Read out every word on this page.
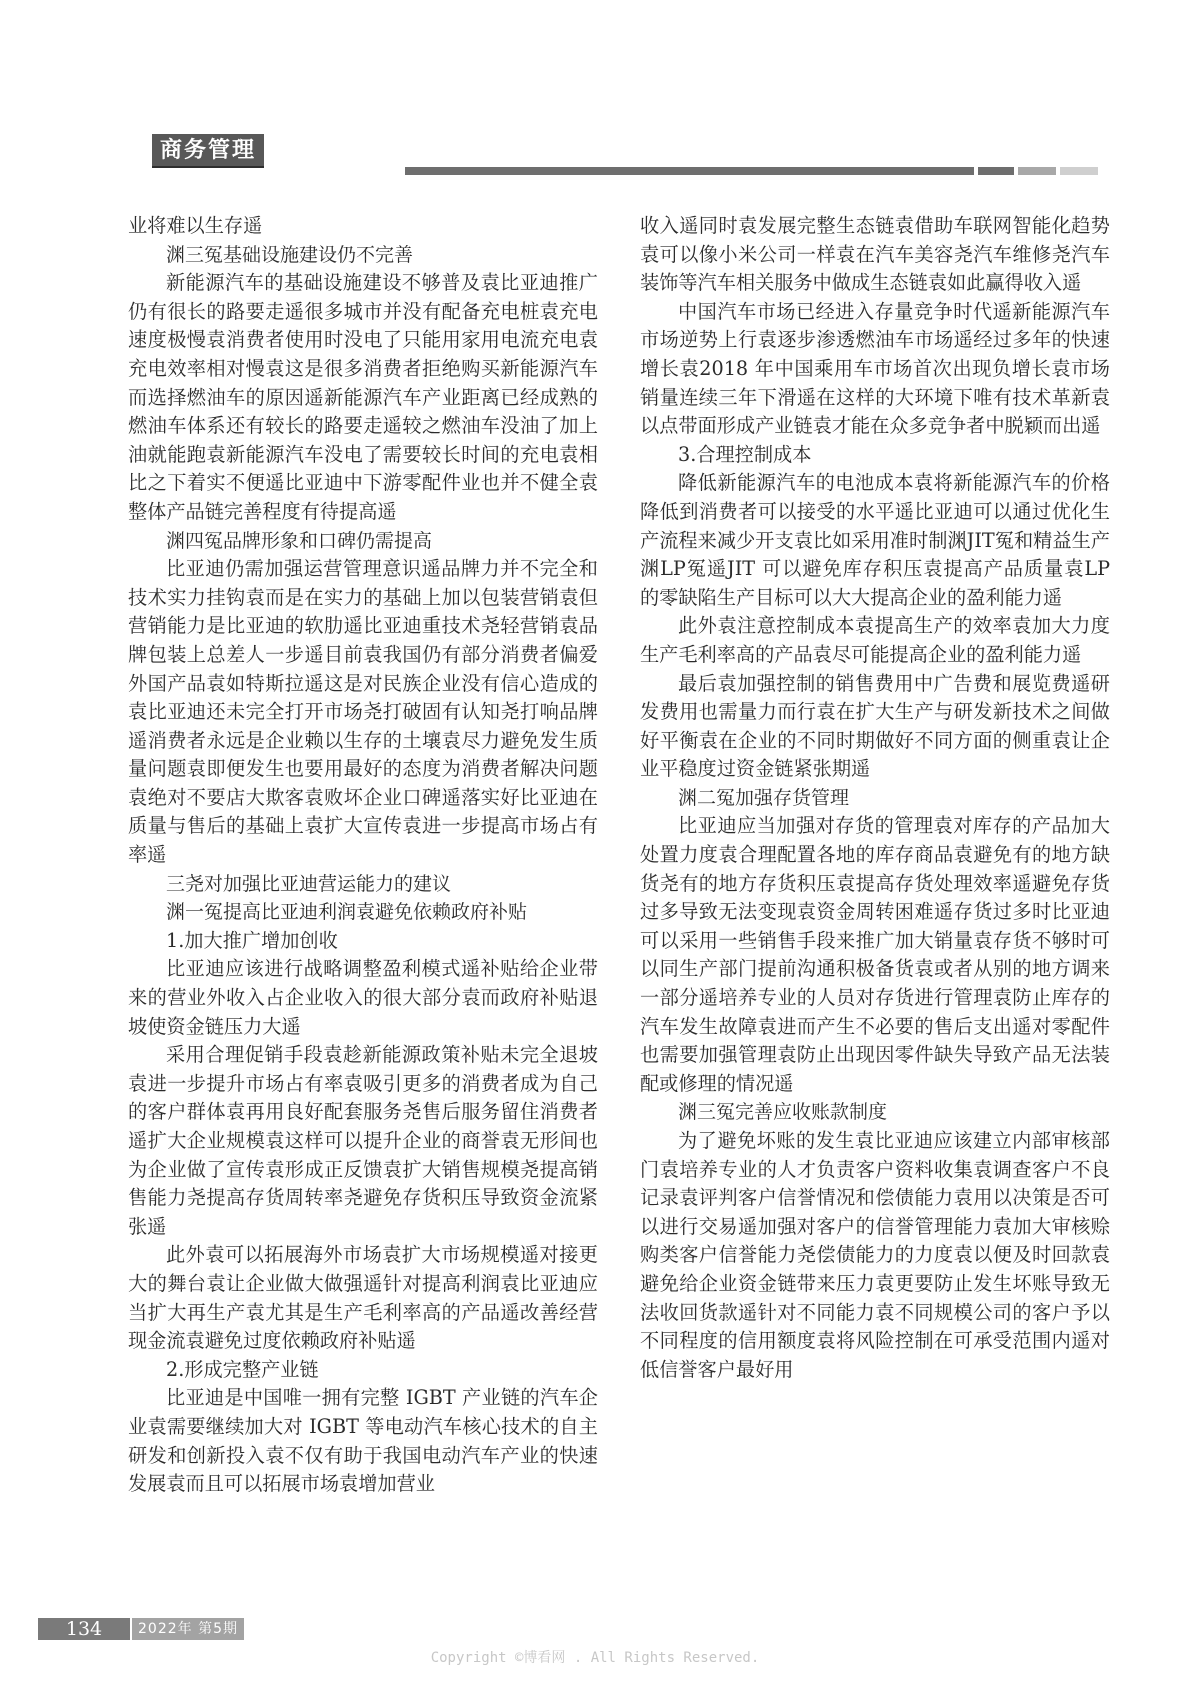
商务管理

业将难以生存遥

渊三冤基础设施建设仍不完善

新能源汽车的基础设施建设不够普及袁比亚迪推广仍有很长的路要走遥很多城市并没有配备充电桩袁充电速度极慢袁消费者使用时没电了只能用家用电流充电袁充电效率相对慢袁这是很多消费者拒绝购买新能源汽车而选择燃油车的原因遥新能源汽车产业距离已经成熟的燃油车体系还有较长的路要走遥较之燃油车没油了加上油就能跑袁新能源汽车没电了需要较长时间的充电袁相比之下着实不便遥比亚迪中下游零配件业也并不健全袁整体产品链完善程度有待提高遥

渊四冤品牌形象和口碑仍需提高

比亚迪仍需加强运营管理意识遥品牌力并不完全和技术实力挂钩袁而是在实力的基础上加以包装营销袁但营销能力是比亚迪的软肋遥比亚迪重技术尧轻营销袁品牌包装上总差人一步遥目前袁我国仍有部分消费者偏爱外国产品袁如特斯拉遥这是对民族企业没有信心造成的袁比亚迪还未完全打开市场尧打破固有认知尧打响品牌遥消费者永远是企业赖以生存的土壤袁尽力避免发生质量问题袁即便发生也要用最好的态度为消费者解决问题袁绝对不要店大欺客袁败坏企业口碑遥落实好比亚迪在质量与售后的基础上袁扩大宣传袁进一步提高市场占有率遥

三尧对加强比亚迪营运能力的建议
渊一冤提高比亚迪利润袁避免依赖政府补贴

1.加大推广增加创收

比亚迪应该进行战略调整盈利模式遥补贴给企业带来的营业外收入占企业收入的很大部分袁而政府补贴退坡使资金链压力大遥

采用合理促销手段袁趁新能源政策补贴未完全退坡袁进一步提升市场占有率袁吸引更多的消费者成为自己的客户群体袁再用良好配套服务尧售后服务留住消费者遥扩大企业规模袁这样可以提升企业的商誉袁无形间也为企业做了宣传袁形成正反馈袁扩大销售规模尧提高销售能力尧提高存货周转率尧避免存货积压导致资金流紧张遥

此外袁可以拓展海外市场袁扩大市场规模遥对接更大的舞台袁让企业做大做强遥针对提高利润袁比亚迪应当扩大再生产袁尤其是生产毛利率高的产品遥改善经营现金流袁避免过度依赖政府补贴遥

2.形成完整产业链

比亚迪是中国唯一拥有完整 IGBT 产业链的汽车企业袁需要继续加大对 IGBT 等电动汽车核心技术的自主研发和创新投入袁不仅有助于我国电动汽车产业的快速发展袁而且可以拓展市场袁增加营业

收入遥同时袁发展完整生态链袁借助车联网智能化趋势袁可以像小米公司一样袁在汽车美容尧汽车维修尧汽车装饰等汽车相关服务中做成生态链袁如此赢得收入遥

中国汽车市场已经进入存量竞争时代遥新能源汽车市场逆势上行袁逐步渗透燃油车市场遥经过多年的快速增长袁2018 年中国乘用车市场首次出现负增长袁市场销量连续三年下滑遥在这样的大环境下唯有技术革新袁以点带面形成产业链袁才能在众多竞争者中脱颖而出遥

3.合理控制成本

降低新能源汽车的电池成本袁将新能源汽车的价格降低到消费者可以接受的水平遥比亚迪可以通过优化生产流程来减少开支袁比如采用准时制渊JIT冤和精益生产渊LP冤遥JIT 可以避免库存积压袁提高产品质量袁LP 的零缺陷生产目标可以大大提高企业的盈利能力遥

此外袁注意控制成本袁提高生产的效率袁加大力度生产毛利率高的产品袁尽可能提高企业的盈利能力遥

最后袁加强控制的销售费用中广告费和展览费遥研发费用也需量力而行袁在扩大生产与研发新技术之间做好平衡袁在企业的不同时期做好不同方面的侧重袁让企业平稳度过资金链紧张期遥

渊二冤加强存货管理

比亚迪应当加强对存货的管理袁对库存的产品加大处置力度袁合理配置各地的库存商品袁避免有的地方缺货尧有的地方存货积压袁提高存货处理效率遥避免存货过多导致无法变现袁资金周转困难遥存货过多时比亚迪可以采用一些销售手段来推广加大销量袁存货不够时可以同生产部门提前沟通积极备货袁或者从别的地方调来一部分遥培养专业的人员对存货进行管理袁防止库存的汽车发生故障袁进而产生不必要的售后支出遥对零配件也需要加强管理袁防止出现因零件缺失导致产品无法装配或修理的情况遥

渊三冤完善应收账款制度

为了避免坏账的发生袁比亚迪应该建立内部审核部门袁培养专业的人才负责客户资料收集袁调查客户不良记录袁评判客户信誉情况和偿债能力袁用以决策是否可以进行交易遥加强对客户的信誉管理能力袁加大审核赊购类客户信誉能力尧偿债能力的力度袁以便及时回款袁避免给企业资金链带来压力袁更要防止发生坏账导致无法收回货款遥针对不同能力袁不同规模公司的客户予以不同程度的信用额度袁将风险控制在可承受范围内遥对低信誉客户最好用

134	2022年 第5期
Copyright ©博看网 . All Rights Reserved.
